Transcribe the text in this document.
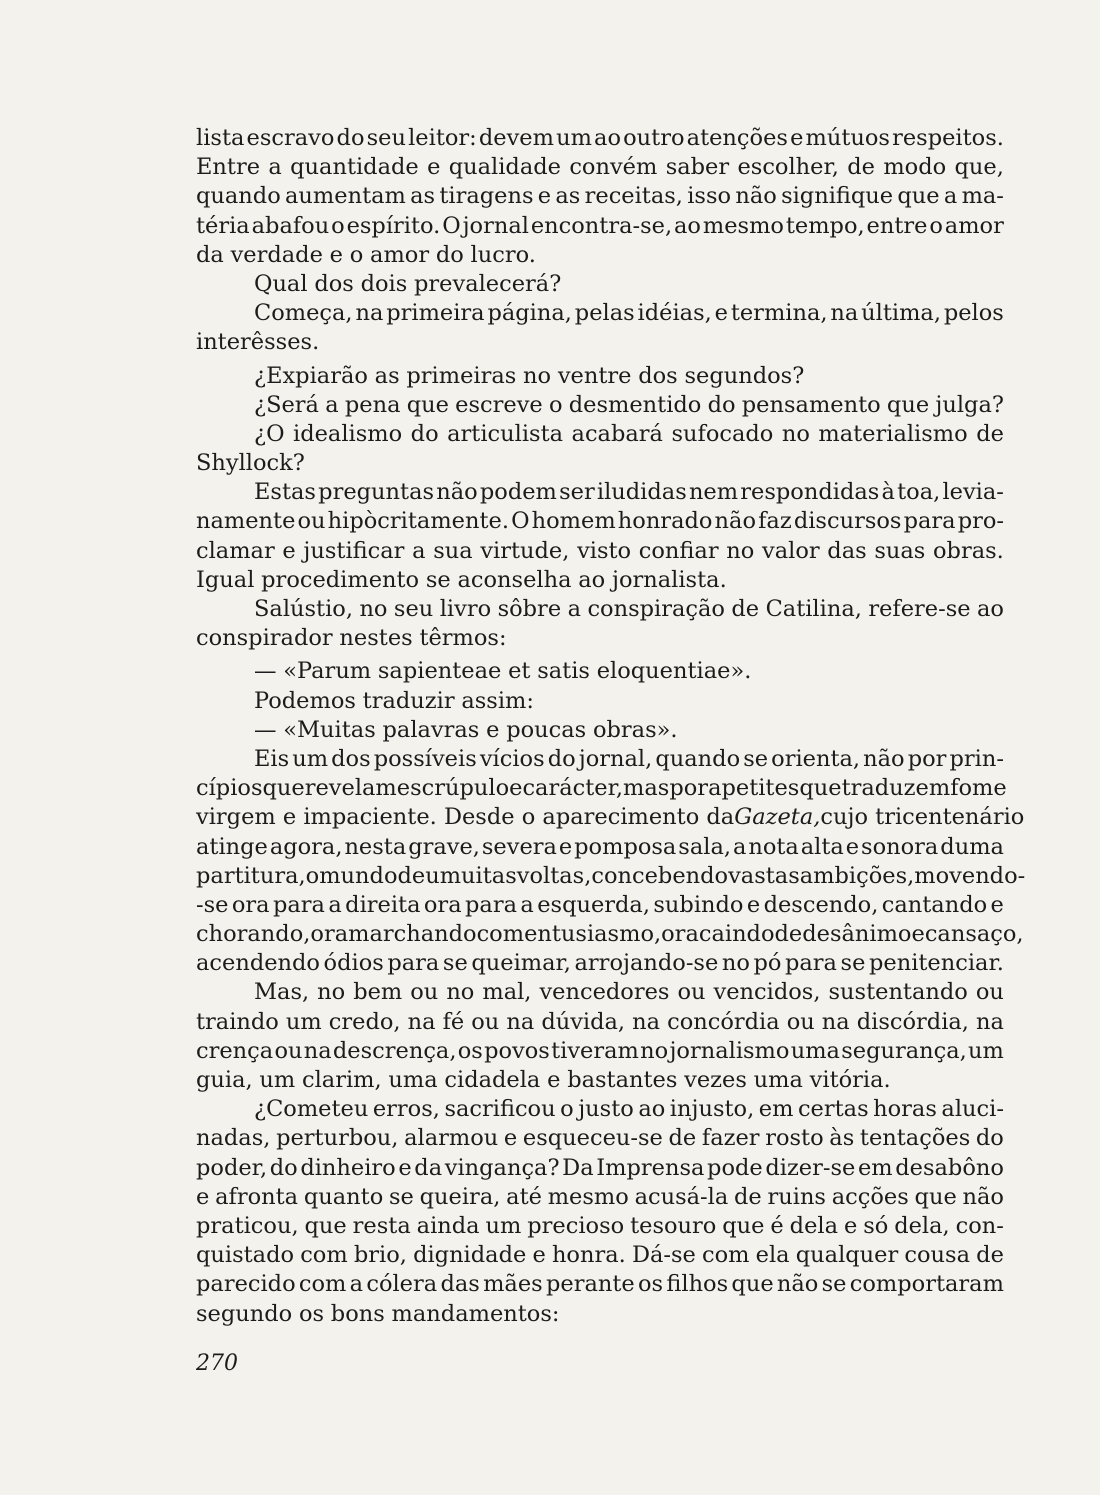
lista escravo do seu leitor: devem um ao outro atenções e mútuos respeitos.
Entre a quantidade e qualidade convém saber escolher, de modo que,
quando aumentam as tiragens e as receitas, isso não signifique que a ma-
téria abafou o espírito. O jornal encontra-se, ao mesmo tempo, entre o amor
da verdade e o amor do lucro.
Qual dos dois prevalecerá?
Começa, na primeira página, pelas idéias, e termina, na última, pelos
interêsses.
¿Expiarão as primeiras no ventre dos segundos?
¿Será a pena que escreve o desmentido do pensamento que julga?
¿O idealismo do articulista acabará sufocado no materialismo de
Shyllock?
Estas preguntas não podem ser iludidas nem respondidas à toa, levia-
namente ou hipòcritamente. O homem honrado não faz discursos para pro-
clamar e justificar a sua virtude, visto confiar no valor das suas obras.
Igual procedimento se aconselha ao jornalista.
Salústio, no seu livro sôbre a conspiração de Catilina, refere-se ao
conspirador nestes têrmos:
— «Parum sapienteae et satis eloquentiae».
Podemos traduzir assim:
— «Muitas palavras e poucas obras».
Eis um dos possíveis vícios do jornal, quando se orienta, não por prin-
cípios que revelam escrúpulo e carácter, mas por apetites que traduzem fome
virgem e impaciente. Desde o aparecimento da Gazeta, cujo tricentenário
atinge agora, nesta grave, severa e pomposa sala, a nota alta e sonora duma
partitura, o mundo deu muitas voltas, concebendo vastas ambições, movendo-
-se ora para a direita ora para a esquerda, subindo e descendo, cantando e
chorando, ora marchando com entusiasmo, ora caindo de desânimo e cansaço,
acendendo ódios para se queimar, arrojando-se no pó para se penitenciar.
Mas, no bem ou no mal, vencedores ou vencidos, sustentando ou
traindo um credo, na fé ou na dúvida, na concórdia ou na discórdia, na
crença ou na descrença, os povos tiveram no jornalismo uma segurança, um
guia, um clarim, uma cidadela e bastantes vezes uma vitória.
¿Cometeu erros, sacrificou o justo ao injusto, em certas horas aluci-
nadas, perturbou, alarmou e esqueceu-se de fazer rosto às tentações do
poder, do dinheiro e da vingança? Da Imprensa pode dizer-se em desabôno
e afronta quanto se queira, até mesmo acusá-la de ruins acções que não
praticou, que resta ainda um precioso tesouro que é dela e só dela, con-
quistado com brio, dignidade e honra. Dá-se com ela qualquer cousa de
parecido com a cólera das mães perante os filhos que não se comportaram
segundo os bons mandamentos:
270
